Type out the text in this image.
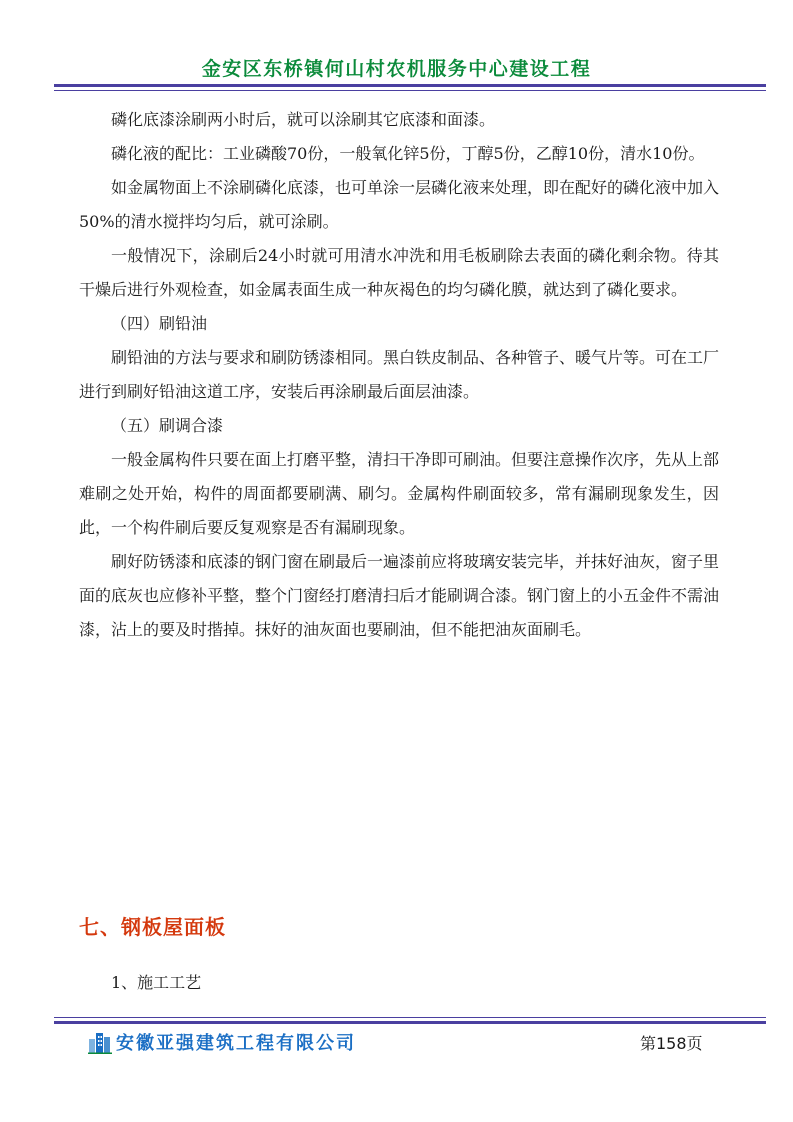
金安区东桥镇何山村农机服务中心建设工程

磷化底漆涂刷两小时后，就可以涂刷其它底漆和面漆。

磷化液的配比：工业磷酸70份，一般氧化锌5份，丁醇5份，乙醇10份，清水10份。

如金属物面上不涂刷磷化底漆，也可单涂一层磷化液来处理，即在配好的磷化液中加入50%的清水搅拌均匀后，就可涂刷。

一般情况下，涂刷后24小时就可用清水冲洗和用毛板刷除去表面的磷化剩余物。待其干燥后进行外观检查，如金属表面生成一种灰褐色的均匀磷化膜，就达到了磷化要求。

（四）刷铅油

刷铅油的方法与要求和刷防锈漆相同。黑白铁皮制品、各种管子、暖气片等。可在工厂进行到刷好铅油这道工序，安装后再涂刷最后面层油漆。

（五）刷调合漆

一般金属构件只要在面上打磨平整，清扫干净即可刷油。但要注意操作次序，先从上部难刷之处开始，构件的周面都要刷满、刷匀。金属构件刷面较多，常有漏刷现象发生，因此，一个构件刷后要反复观察是否有漏刷现象。

刷好防锈漆和底漆的钢门窗在刷最后一遍漆前应将玻璃安装完毕，并抹好油灰，窗子里面的底灰也应修补平整，整个门窗经打磨清扫后才能刷调合漆。钢门窗上的小五金件不需油漆，沾上的要及时揩掉。抹好的油灰面也要刷油，但不能把油灰面刷毛。

七、钢板屋面板
1、施工工艺
安徽亚强建筑工程有限公司	第158页
